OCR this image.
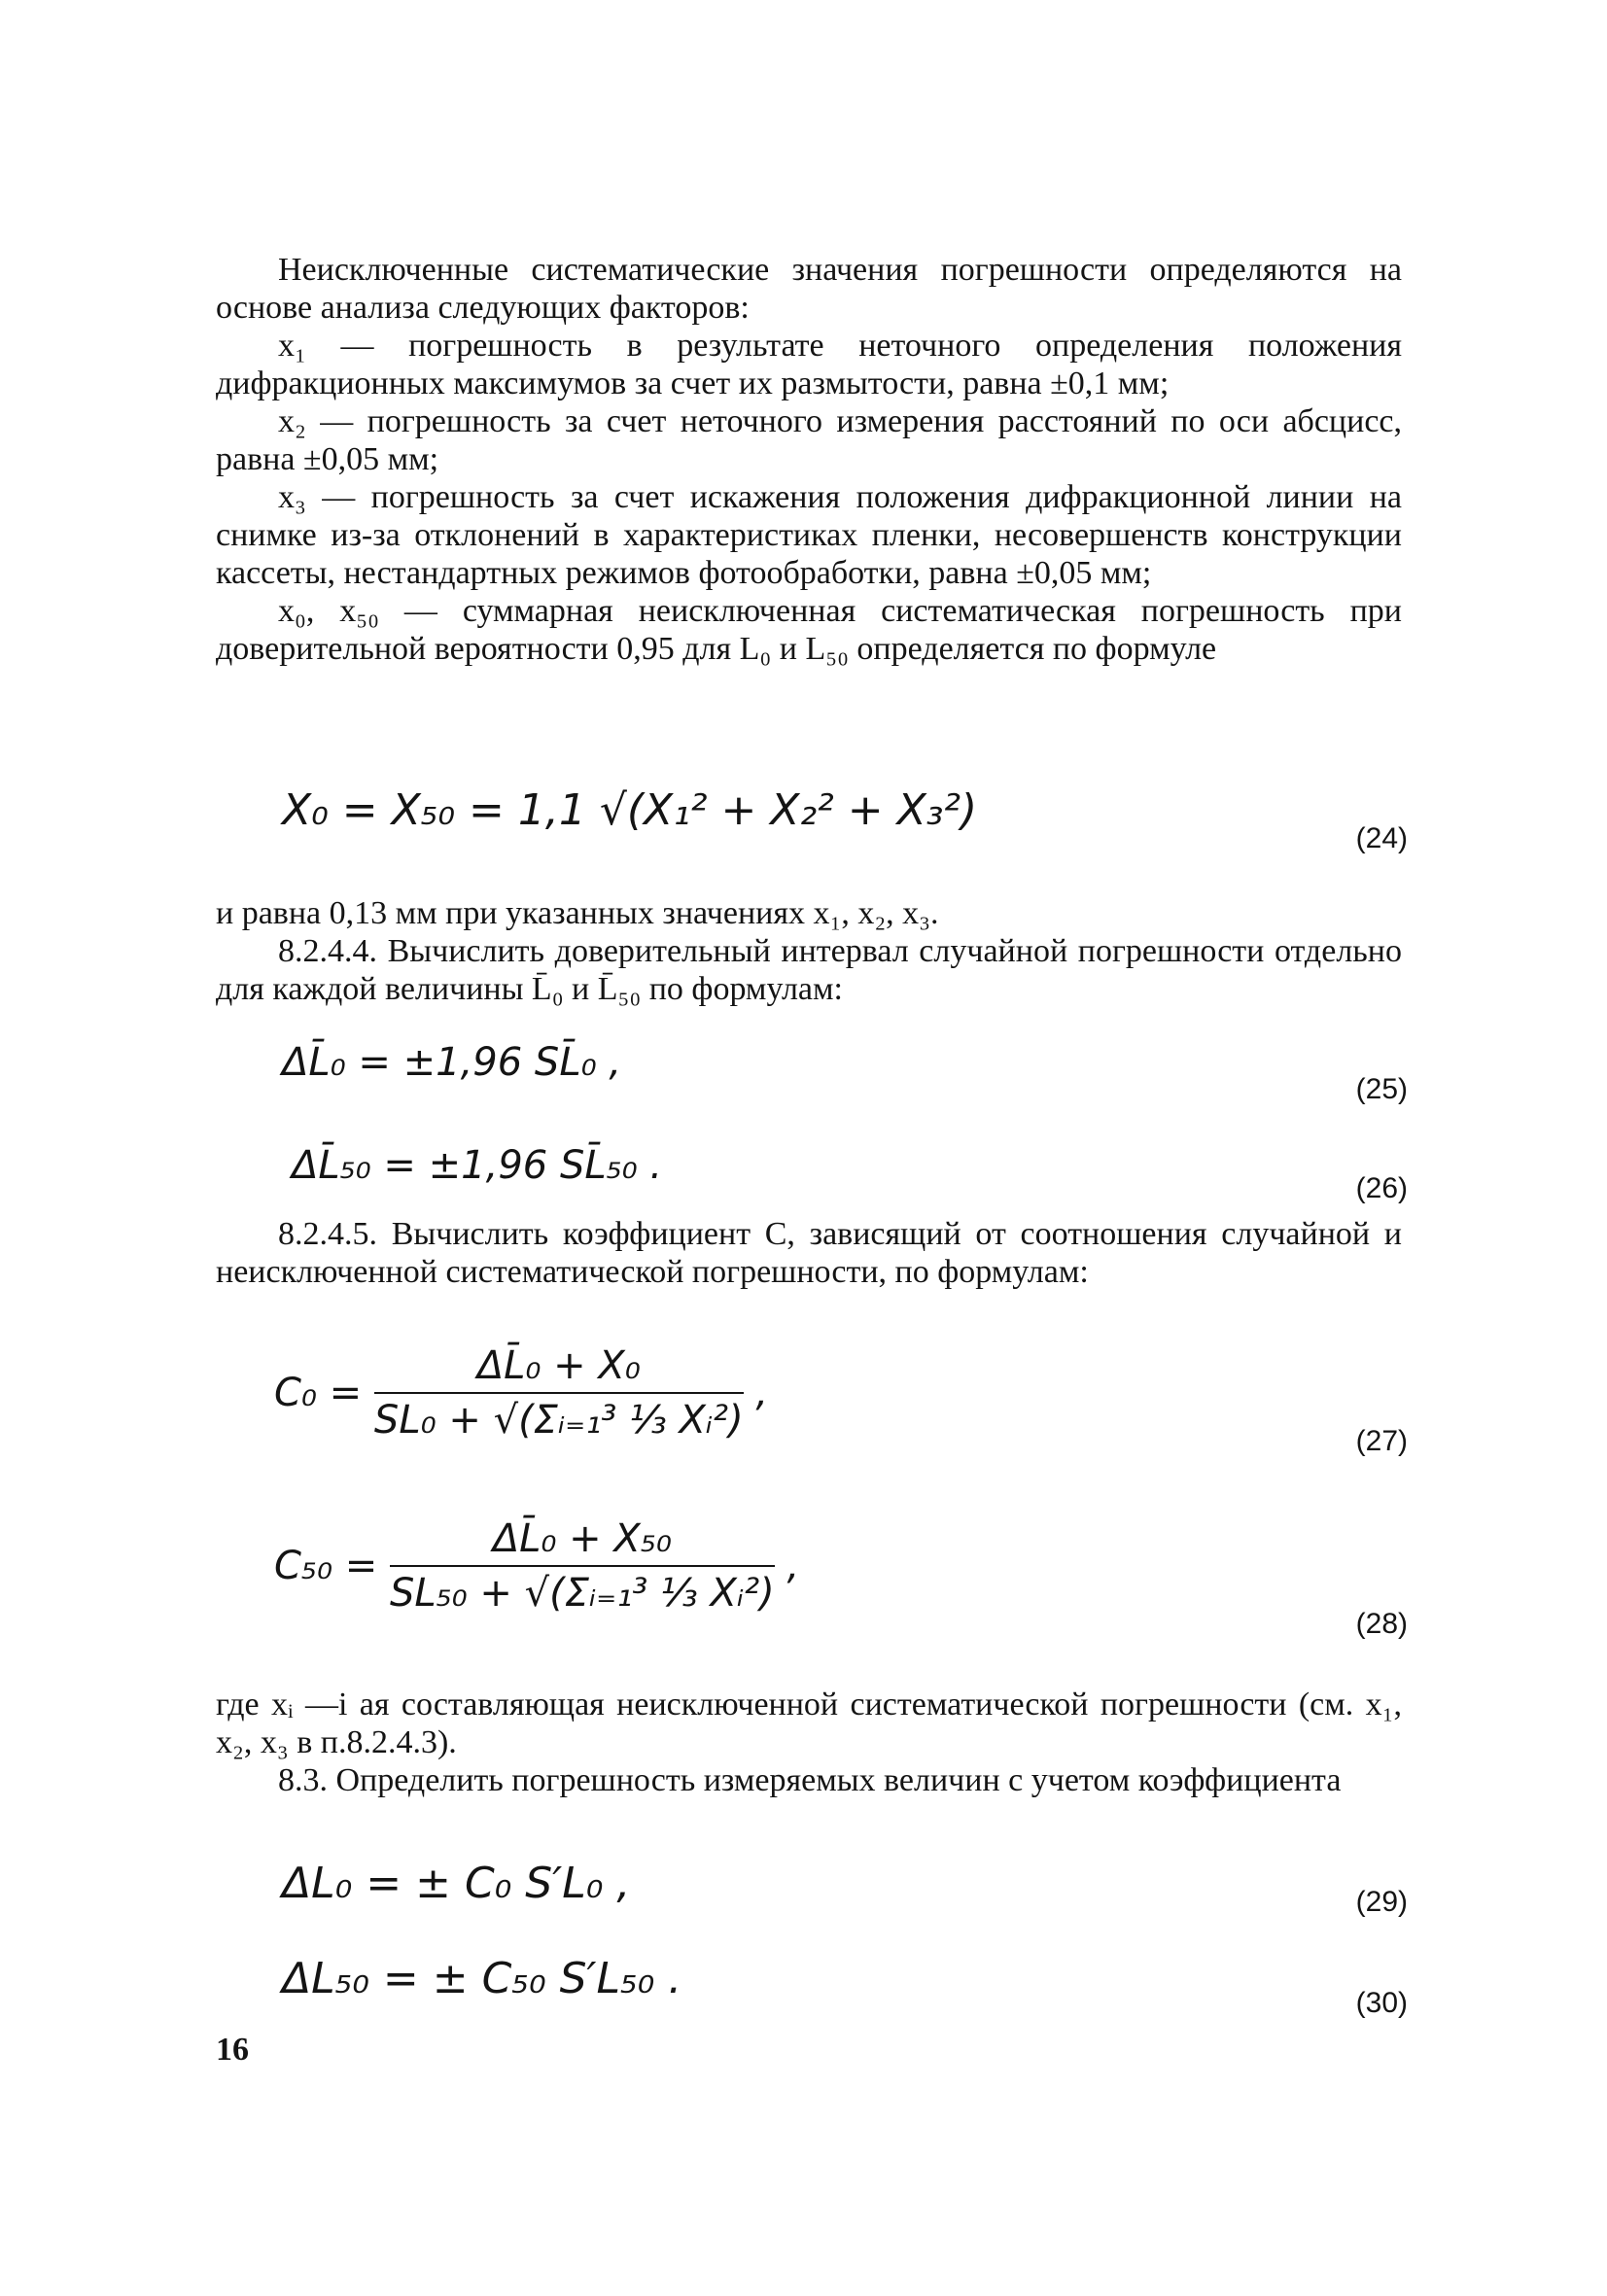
Неисключенные систематические значения погрешности определяются на основе анализа следующих факторов:

x₁ — погрешность в результате неточного определения положения дифракционных максимумов за счет их размытости, равна ±0,1 мм;

x₂ — погрешность за счет неточного измерения расстояний по оси абсцисс, равна ±0,05 мм;

x₃ — погрешность за счет искажения положения дифракционной линии на снимке из-за отклонений в характеристиках пленки, несовершенств конструкции кассеты, нестандартных режимов фотообработки, равна ±0,05 мм;

x₀, x₅₀ — суммарная неисключенная систематическая погрешность при доверительной вероятности 0,95 для L₀ и L₅₀ определяется по формуле

X₀ = X₅₀ = 1,1 √(X₁² + X₂² + X₃²)
(24)

и равна 0,13 мм при указанных значениях x₁, x₂, x₃.

8.2.4.4. Вычислить доверительный интервал случайной погрешности отдельно для каждой величины L̄₀ и L̄₅₀ по формулам:

ΔL̄₀ = ±1,96 SL̄₀ ,
(25)
ΔL̄₅₀ = ±1,96 SL̄₅₀ .
(26)

8.2.4.5. Вычислить коэффициент C, зависящий от соотношения случайной и неисключенной систематической погрешности, по формулам:

$C_0 = \frac{\text{ΔL̄₀ + X₀}}{\text{SL₀ + √(Σᵢ₌₁³ ⅓ Xᵢ²)}}$ ,
(27)
$C_{50} = \frac{\text{ΔL̄₀ + X₅₀}}{\text{SL₅₀ + √(Σᵢ₌₁³ ⅓ Xᵢ²)}}$ ,
(28)

где xᵢ —i ая составляющая неисключенной систематической погрешности (см. x₁, x₂, x₃ в п.8.2.4.3).

8.3. Определить погрешность измеряемых величин с учетом коэффициента

ΔL₀ = ± C₀ S′L₀ ,	(29)
ΔL₅₀ = ± C₅₀ S′L₅₀ .	(30)
16
